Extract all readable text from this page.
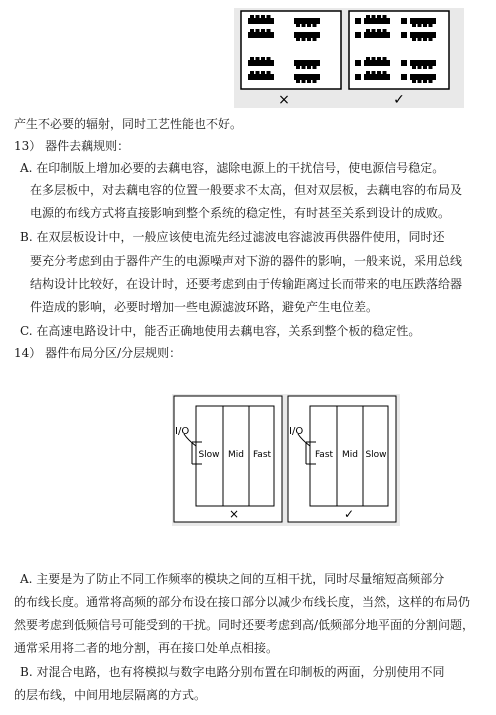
×	✓
产生不必要的辐射，同时工艺性能也不好。
13） 器件去藕规则：
A. 在印制版上增加必要的去藕电容，滤除电源上的干扰信号，使电源信号稳定。
在多层板中，对去藕电容的位置一般要求不太高，但对双层板，去藕电容的布局及
电源的布线方式将直接影响到整个系统的稳定性，有时甚至关系到设计的成败。
B. 在双层板设计中，一般应该使电流先经过滤波电容滤波再供器件使用，同时还
要充分考虑到由于器件产生的电源噪声对下游的器件的影响，一般来说，采用总线
结构设计比较好，在设计时，还要考虑到由于传输距离过长而带来的电压跌落给器
件造成的影响，必要时增加一些电源滤波环路，避免产生电位差。
C. 在高速电路设计中，能否正确地使用去藕电容，关系到整个板的稳定性。
14） 器件布局分区/分层规则：
I/O
Slow Mid Fast
×
I/O
Fast Mid Slow
✓
A. 主要是为了防止不同工作频率的模块之间的互相干扰，同时尽量缩短高频部分
的布线长度。通常将高频的部分布设在接口部分以减少布线长度，当然，这样的布局仍
然要考虑到低频信号可能受到的干扰。同时还要考虑到高/低频部分地平面的分割问题，
通常采用将二者的地分割，再在接口处单点相接。
B. 对混合电路，也有将模拟与数字电路分别布置在印制板的两面，分别使用不同
的层布线，中间用地层隔离的方式。
